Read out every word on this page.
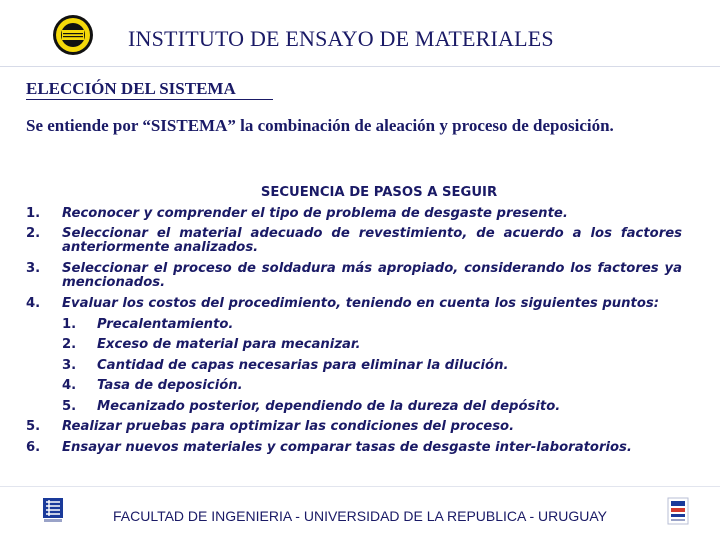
INSTITUTO DE ENSAYO DE MATERIALES
ELECCIÓN DEL SISTEMA
Se entiende por “SISTEMA” la combinación de aleación y proceso de deposición.
SECUENCIA DE PASOS A SEGUIR
1.	Reconocer y comprender el tipo de problema de desgaste presente.
2.	Seleccionar el material adecuado de revestimiento, de acuerdo a los factores anteriormente analizados.
3.	Seleccionar el proceso de soldadura más apropiado, considerando los factores ya mencionados.
4.	Evaluar los costos del procedimiento, teniendo en cuenta los siguientes puntos:
1.	Precalentamiento.
2.	Exceso de material para mecanizar.
3.	Cantidad de capas necesarias para eliminar la dilución.
4.	Tasa de deposición.
5.	Mecanizado posterior, dependiendo de la dureza del depósito.
5.	Realizar pruebas para optimizar las condiciones del proceso.
6.	Ensayar nuevos materiales y comparar tasas de desgaste inter-laboratorios.
FACULTAD DE INGENIERIA - UNIVERSIDAD DE LA REPUBLICA - URUGUAY
